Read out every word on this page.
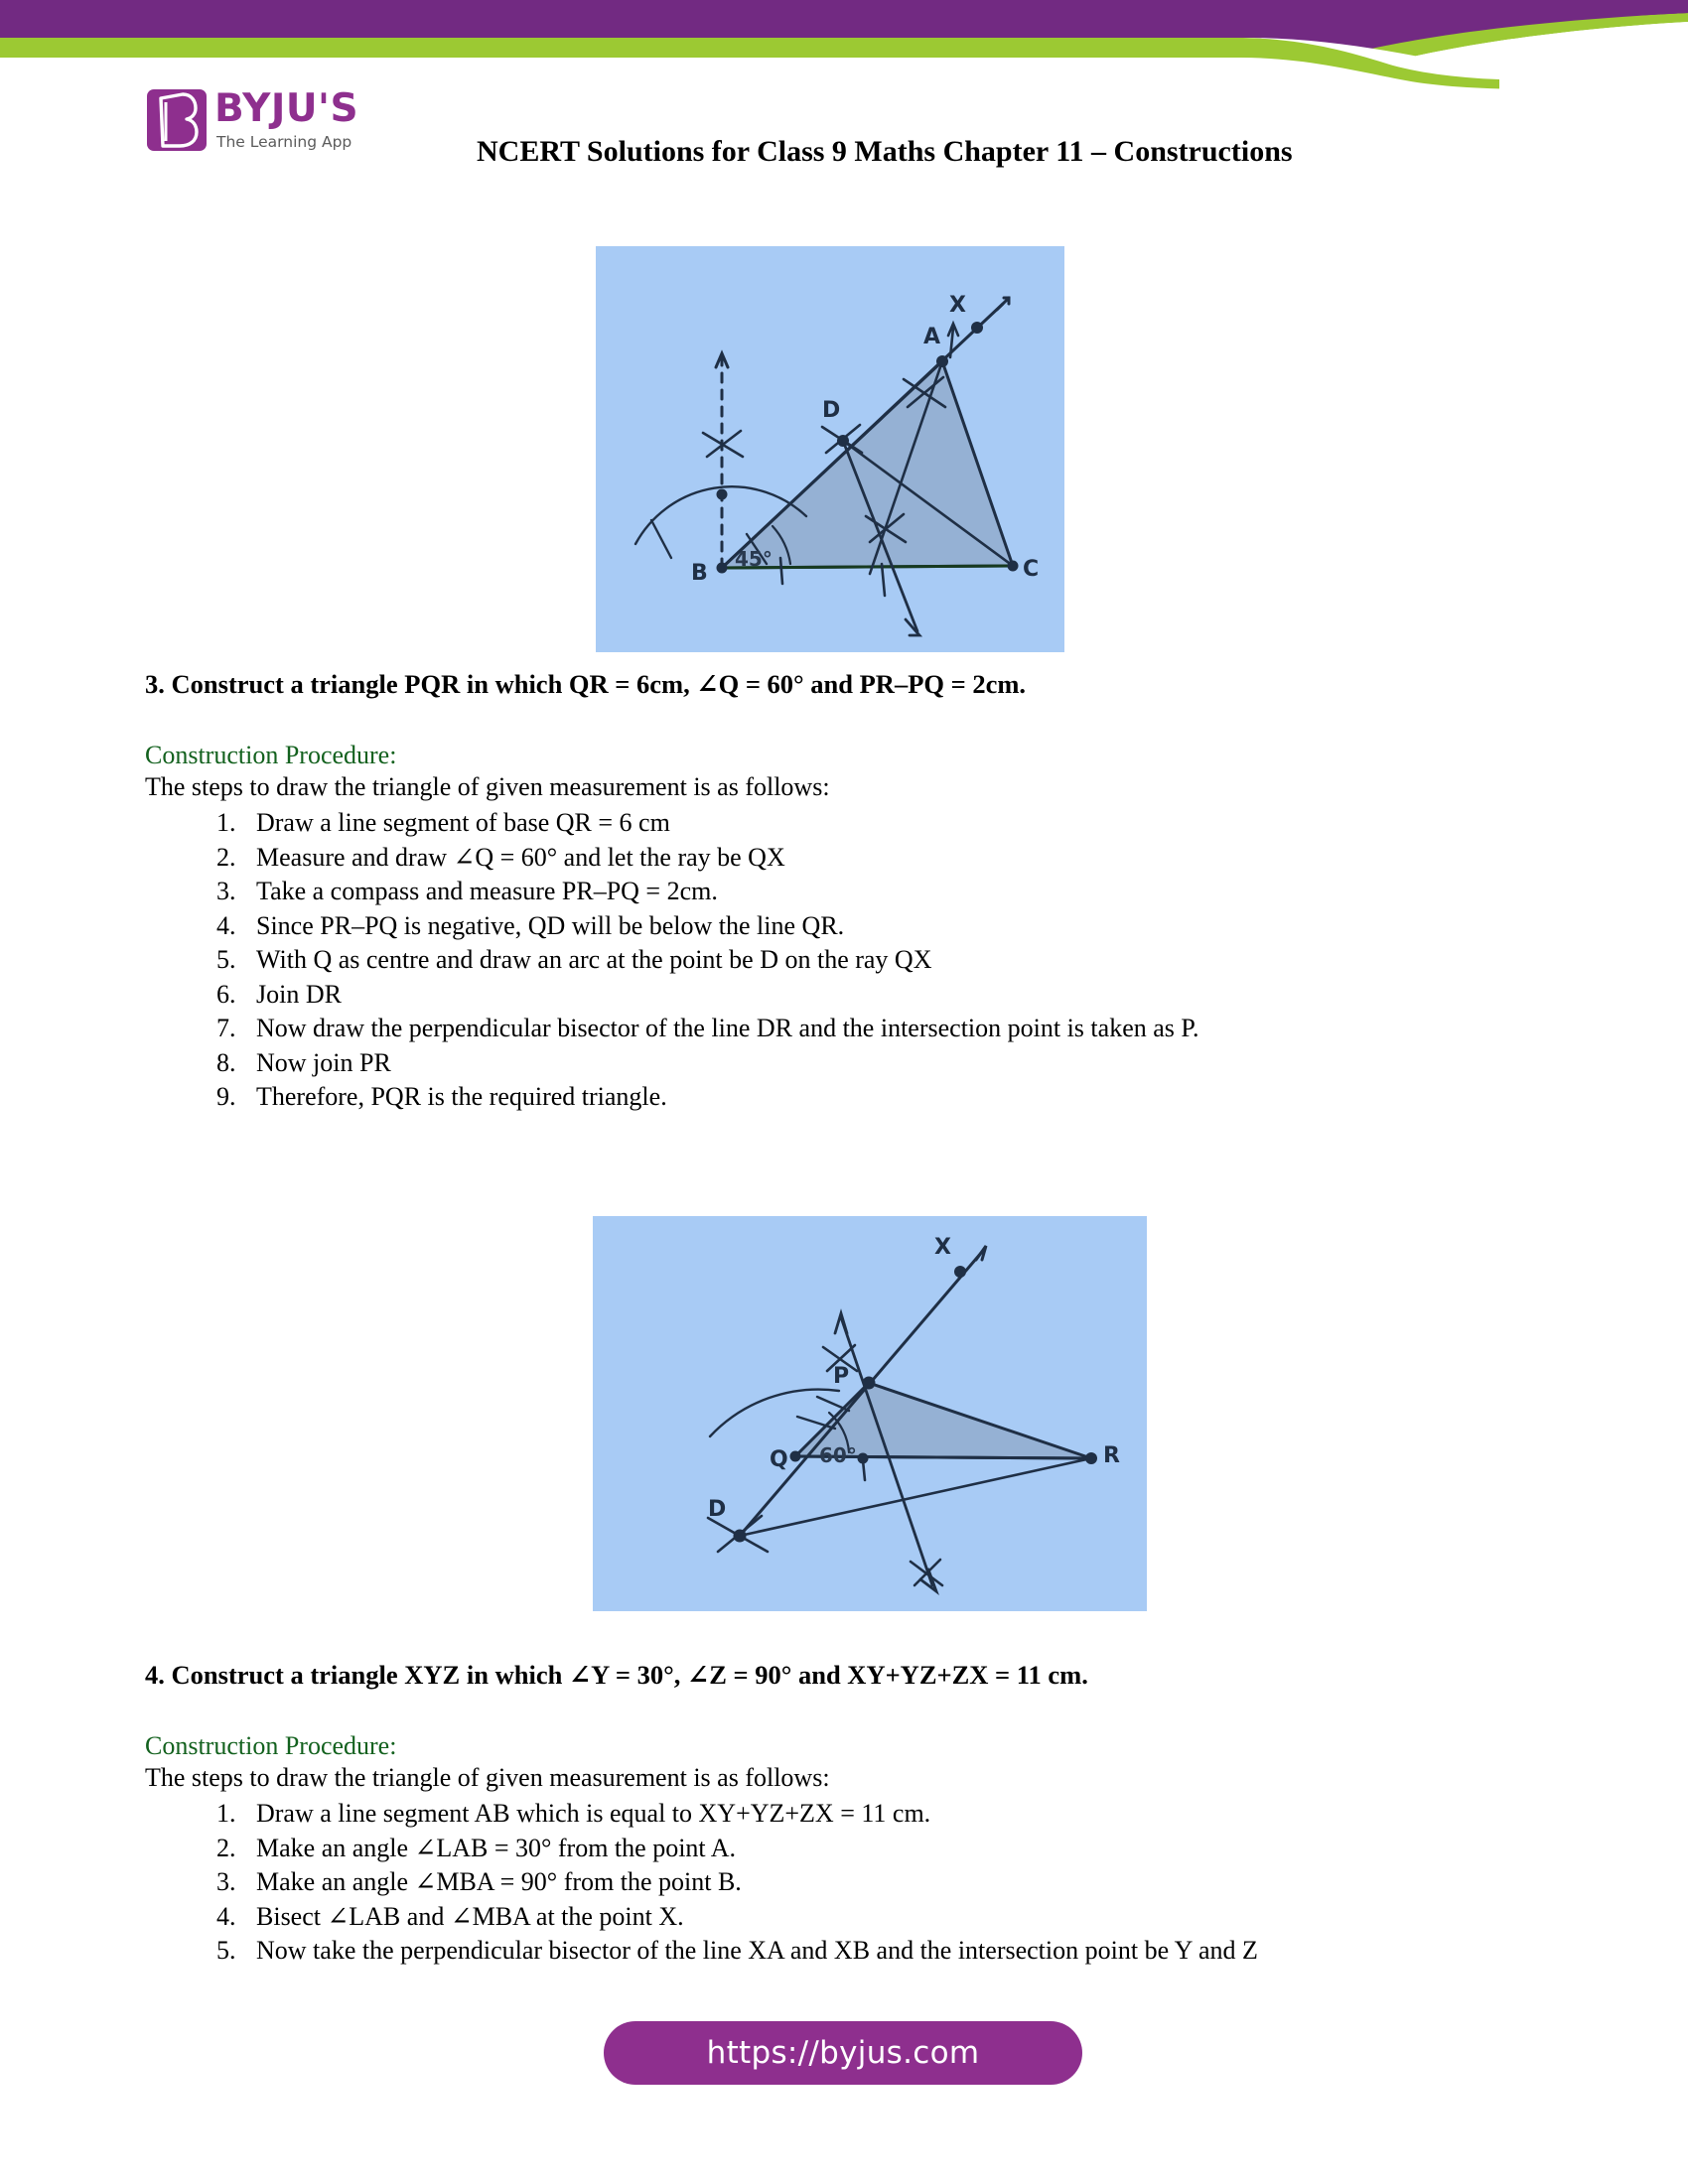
BYJU'S
The Learning App	NCERT Solutions for Class 9 Maths Chapter 11 – Constructions
X
A
D
B	C
45°
X
P
Q	R
D
60°
3. Construct a triangle PQR in which QR = 6cm, ∠Q = 60° and PR–PQ = 2cm.
Construction Procedure:
The steps to draw the triangle of given measurement is as follows:
1. Draw a line segment of base QR = 6 cm
2. Measure and draw ∠Q = 60° and let the ray be QX
3. Take a compass and measure PR–PQ = 2cm.
4. Since PR–PQ is negative, QD will be below the line QR.
5. With Q as centre and draw an arc at the point be D on the ray QX
6. Join DR
7. Now draw the perpendicular bisector of the line DR and the intersection point is taken as P.
8. Now join PR
9. Therefore, PQR is the required triangle.
4. Construct a triangle XYZ in which ∠Y = 30°, ∠Z = 90° and XY+YZ+ZX = 11 cm.
Construction Procedure:
The steps to draw the triangle of given measurement is as follows:
1. Draw a line segment AB which is equal to XY+YZ+ZX = 11 cm.
2. Make an angle ∠LAB = 30° from the point A.
3. Make an angle ∠MBA = 90° from the point B.
4. Bisect ∠LAB and ∠MBA at the point X.
5. Now take the perpendicular bisector of the line XA and XB and the intersection point be Y and Z
https://byjus.com
